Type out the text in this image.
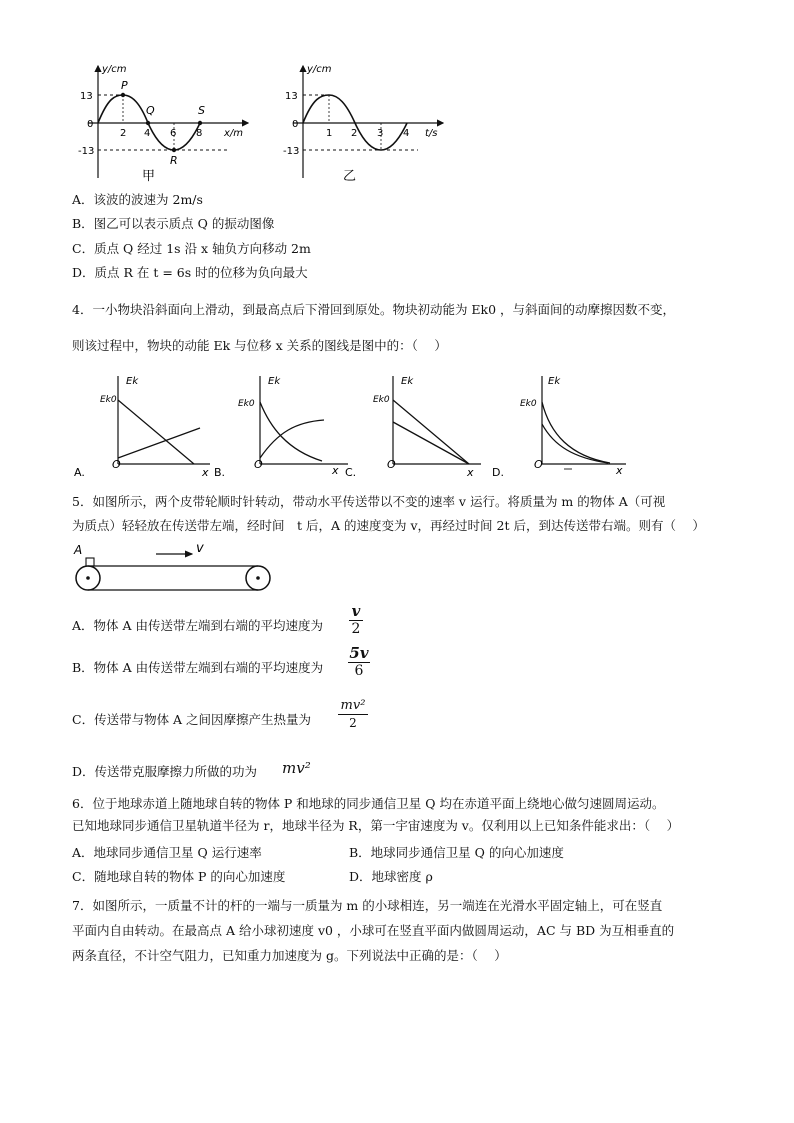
y/cm
x/m
13
0
-13
2 4 6 8
P
Q
R
S
甲
y/cm
t/s
13
0
-13
1 2 3 4
乙
A．该波的波速为 2m/s
B．图乙可以表示质点 Q 的振动图像
C．质点 Q 经过 1s 沿 x 轴负方向移动 2m
D．质点 R 在 t = 6s 时的位移为负向最大
4．一小物块沿斜面向上滑动，到最高点后下滑回到原处。物块初动能为 Ek0 ，与斜面间的动摩擦因数不变，
则该过程中，物块的动能 Ek 与位移 x 关系的图线是图中的：（　 ）
Ek
Ek0
O
x
A.
Ek
Ek0
O	x
B.
Ek
Ek0
O
x
C.
Ek
Ek0
O	x
D.
5．如图所示，两个皮带轮顺时针转动，带动水平传送带以不变的速率 v 运行。将质量为 m 的物体 A（可视
为质点）轻轻放在传送带左端，经时间　t 后，A 的速度变为 v，再经过时间 2t 后，到达传送带右端。则有（　 ）
A	v
A．物体 A 由传送带左端到右端的平均速度为
v
2
B．物体 A 由传送带左端到右端的平均速度为
5v
6
C．传送带与物体 A 之间因摩擦产生热量为
mv²
2
D．传送带克服摩擦力所做的功为 mv²
6．位于地球赤道上随地球自转的物体 P 和地球的同步通信卫星 Q 均在赤道平面上绕地心做匀速圆周运动。
已知地球同步通信卫星轨道半径为 r，地球半径为 R，第一宇宙速度为 v。仅利用以上已知条件能求出：（　 ）
A．地球同步通信卫星 Q 运行速率	B．地球同步通信卫星 Q 的向心加速度
C．随地球自转的物体 P 的向心加速度	D．地球密度 ρ
7．如图所示，一质量不计的杆的一端与一质量为 m 的小球相连，另一端连在光滑水平固定轴上，可在竖直
平面内自由转动。在最高点 A 给小球初速度 v0 ，小球可在竖直平面内做圆周运动，AC 与 BD 为互相垂直的
两条直径，不计空气阻力，已知重力加速度为 g。下列说法中正确的是：（　 ）
